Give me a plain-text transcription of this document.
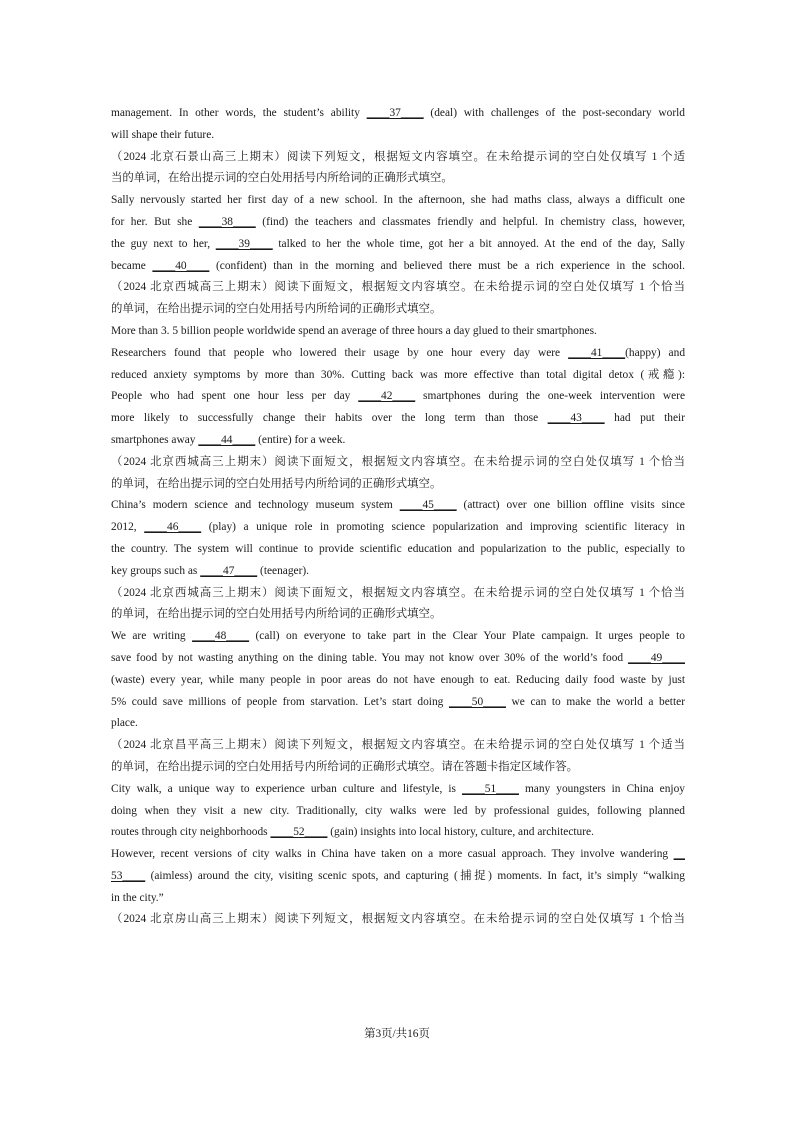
management. In other words, the student’s ability ____37____ (deal) with challenges of the post-secondary world
will shape their future.
（2024 北京石景山高三上期末）阅读下列短文，根据短文内容填空。在未给提示词的空白处仅填写 1 个适
当的单词，在给出提示词的空白处用括号内所给词的正确形式填空。
Sally nervously started her first day of a new school. In the afternoon, she had maths class, always a difficult one
for her. But she ____38____ (find) the teachers and classmates friendly and helpful. In chemistry class, however,
the guy next to her, ____39____ talked to her the whole time, got her a bit annoyed. At the end of the day, Sally
became ____40____ (confident) than in the morning and believed there must be a rich experience in the school.
（2024 北京西城高三上期末）阅读下面短文，根据短文内容填空。在未给提示词的空白处仅填写 1 个恰当
的单词，在给出提示词的空白处用括号内所给词的正确形式填空。
More than 3. 5 billion people worldwide spend an average of three hours a day glued to their smartphones.
Researchers found that people who lowered their usage by one hour every day were ____41____(happy) and
reduced anxiety symptoms by more than 30%. Cutting back was more effective than total digital detox (戒瘾):
People who had spent one hour less per day ____42____ smartphones during the one-week intervention were
more likely to successfully change their habits over the long term than those ____43____ had put their
smartphones away ____44____ (entire) for a week.
（2024 北京西城高三上期末）阅读下面短文，根据短文内容填空。在未给提示词的空白处仅填写 1 个恰当
的单词，在给出提示词的空白处用括号内所给词的正确形式填空。
China’s modern science and technology museum system ____45____ (attract) over one billion offline visits since
2012, ____46____ (play) a unique role in promoting science popularization and improving scientific literacy in
the country. The system will continue to provide scientific education and popularization to the public, especially to
key groups such as ____47____ (teenager).
（2024 北京西城高三上期末）阅读下面短文，根据短文内容填空。在未给提示词的空白处仅填写 1 个恰当
的单词，在给出提示词的空白处用括号内所给词的正确形式填空。
We are writing ____48____ (call) on everyone to take part in the Clear Your Plate campaign. It urges people to
save food by not wasting anything on the dining table. You may not know over 30% of the world’s food ____49____
(waste) every year, while many people in poor areas do not have enough to eat. Reducing daily food waste by just
5% could save millions of people from starvation. Let’s start doing ____50____ we can to make the world a better
place.
（2024 北京昌平高三上期末）阅读下列短文，根据短文内容填空。在未给提示词的空白处仅填写 1 个适当
的单词，在给出提示词的空白处用括号内所给词的正确形式填空。请在答题卡指定区域作答。
City walk, a unique way to experience urban culture and lifestyle, is ____51____ many youngsters in China enjoy
doing when they visit a new city. Traditionally, city walks were led by professional guides, following planned
routes through city neighborhoods ____52____ (gain) insights into local history, culture, and architecture.
However, recent versions of city walks in China have taken on a more casual approach. They involve wandering __
53____ (aimless) around the city, visiting scenic spots, and capturing (捕捉) moments. In fact, it’s simply “walking
in the city.”
（2024 北京房山高三上期末）阅读下列短文，根据短文内容填空。在未给提示词的空白处仅填写 1 个恰当
第3页/共16页
